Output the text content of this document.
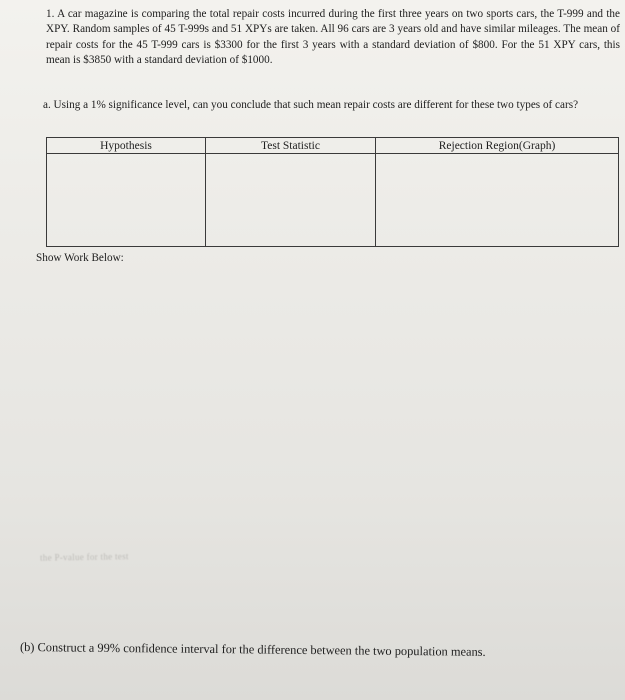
1. A car magazine is comparing the total repair costs incurred during the first three years on two sports cars, the T-999 and the XPY. Random samples of 45 T-999s and 51 XPYs are taken. All 96 cars are 3 years old and have similar mileages. The mean of repair costs for the 45 T-999 cars is $3300 for the first 3 years with a standard deviation of $800. For the 51 XPY cars, this mean is $3850 with a standard deviation of $1000.

a. Using a 1% significance level, can you conclude that such mean repair costs are different for these two types of cars?

Hypothesis	Test Statistic	Rejection Region(Graph)

Show Work Below:

the P-value for the test

(b) Construct a 99% confidence interval for the difference between the two population means.
